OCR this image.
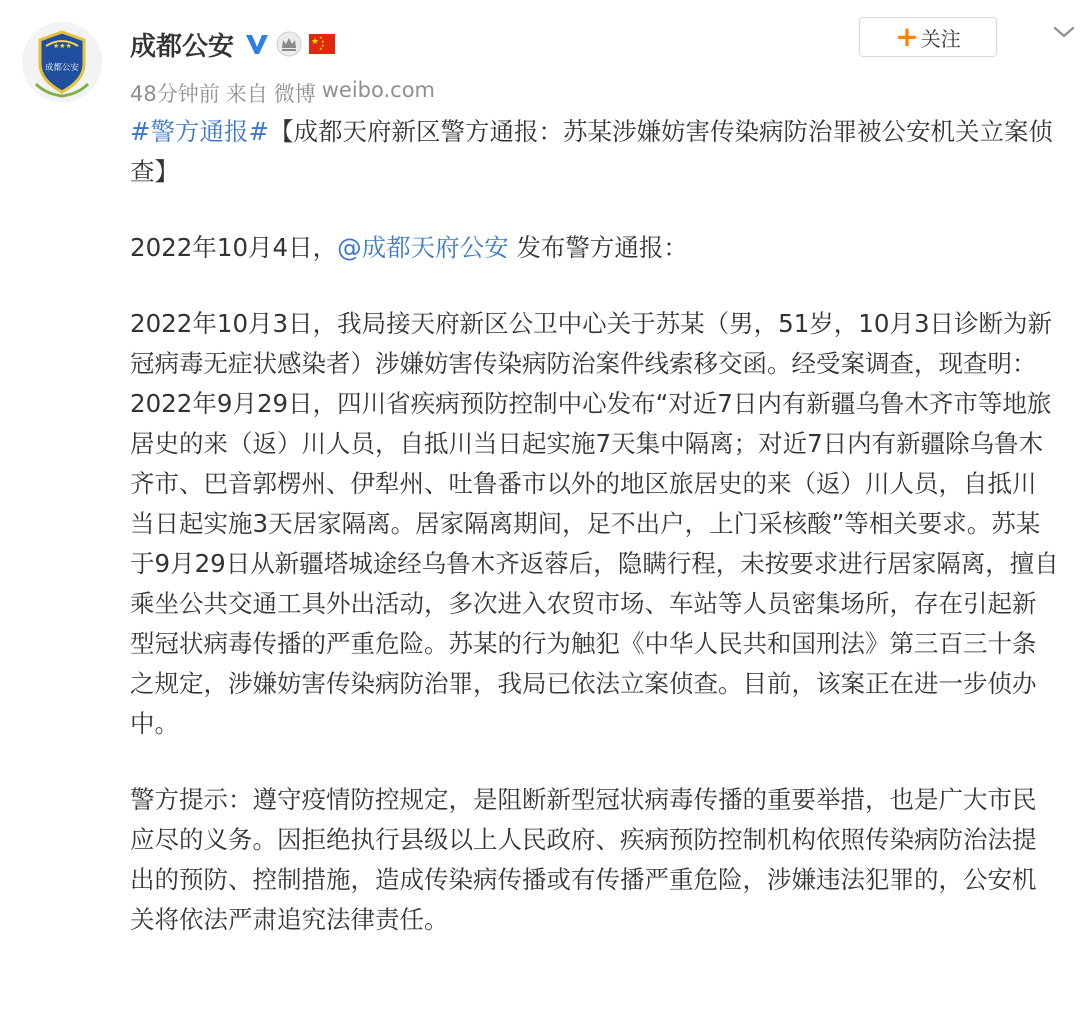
★★★
成都公安
成都公安	★ ★
★
★
★
48分钟前 来自 微博 weibo.com
+ 关注

#警方通报#【成都天府新区警方通报：苏某涉嫌妨害传染病防治罪被公安机关立案侦查】

2022年10月4日，@成都天府公安 发布警方通报：

2022年10月3日，我局接天府新区公卫中心关于苏某（男，51岁，10月3日诊断为新冠病毒无症状感染者）涉嫌妨害传染病防治案件线索移交函。经受案调查，现查明：2022年9月29日，四川省疾病预防控制中心发布“对近7日内有新疆乌鲁木齐市等地旅居史的来（返）川人员，自抵川当日起实施7天集中隔离；对近7日内有新疆除乌鲁木齐市、巴音郭楞州、伊犁州、吐鲁番市以外的地区旅居史的来（返）川人员，自抵川当日起实施3天居家隔离。居家隔离期间，足不出户，上门采核酸”等相关要求。苏某于9月29日从新疆塔城途经乌鲁木齐返蓉后，隐瞒行程，未按要求进行居家隔离，擅自乘坐公共交通工具外出活动，多次进入农贸市场、车站等人员密集场所，存在引起新型冠状病毒传播的严重危险。苏某的行为触犯《中华人民共和国刑法》第三百三十条之规定，涉嫌妨害传染病防治罪，我局已依法立案侦查。目前，该案正在进一步侦办中。

警方提示：遵守疫情防控规定，是阻断新型冠状病毒传播的重要举措，也是广大市民应尽的义务。因拒绝执行县级以上人民政府、疾病预防控制机构依照传染病防治法提出的预防、控制措施，造成传染病传播或有传播严重危险，涉嫌违法犯罪的，公安机关将依法严肃追究法律责任。
